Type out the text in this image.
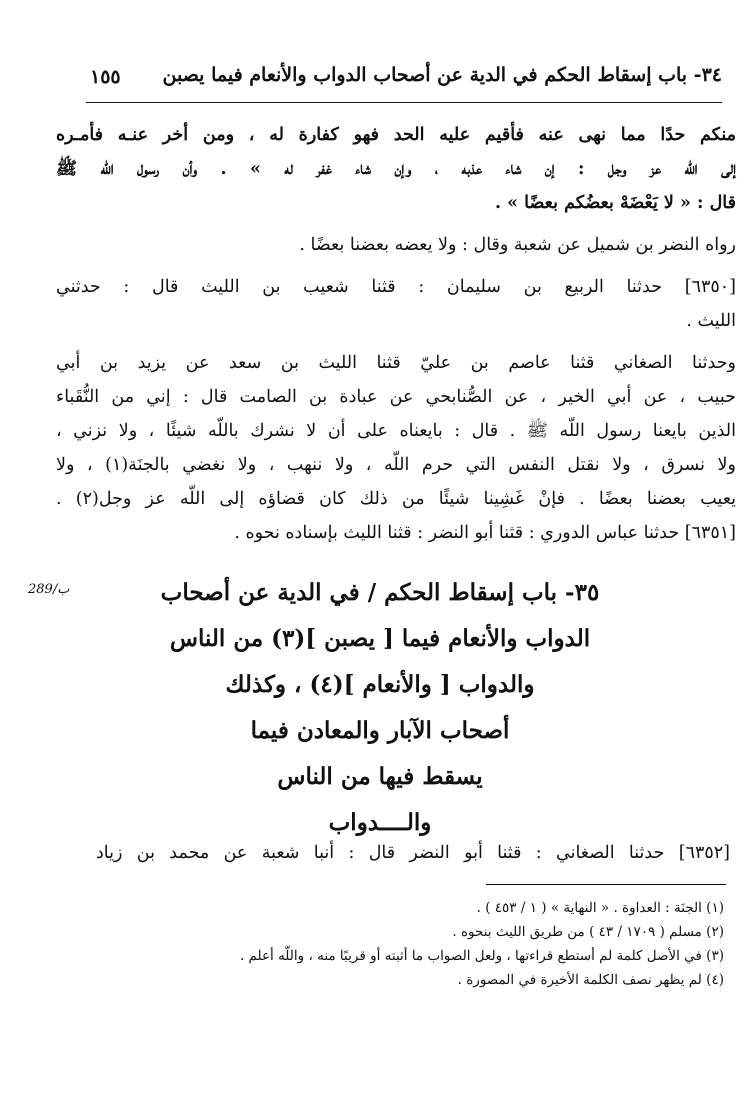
٣٤- باب إسقاط الحكم في الدية عن أصحاب الدواب والأنعام فيما يصبن
١٥٥
منكم حدًا مما نهى عنه فأقيم عليه الحد فهو كفارة له ، ومن أخر عنـه فأمـره
إلى اللّه عز وجل : إن شاء عذبه ، وإن شاء غفر له » . وأن رسول اللّه ﷺ
قال : « لا يَعْضَهْ بعضُكم بعضًا » .
رواه النضر بن شميل عن شعبة وقال : ولا يعضه بعضنا بعضًا .
[٦٣٥٠] حدثنا الربيع بن سليمان : قثنا شعيب بن الليث قال : حدثني
الليث .
وحدثنا الصغاني قثنا عاصم بن عليّ قثنا الليث بن سعد عن يزيد بن أبي
حبيب ، عن أبي الخير ، عن الصُّنابحي عن عبادة بن الصامت قال : إني من النُّقَباء
الذين بايعنا رسول اللّه ﷺ . قال : بايعناه على أن لا نشرك باللّه شيئًا ، ولا نزني ،
ولا نسرق ، ولا نقتل النفس التي حرم اللّه ، ولا ننهب ، ولا نغضي بالجنَة(١) ، ولا
يعيب بعضنا بعضًا . فإنْ غَشِينا شيئًا من ذلك كان قضاؤه إلى اللّه عز وجل(٢) .
[٦٣٥١] حدثنا عباس الدوري : قثنا أبو النضر : قثنا الليث بإسناده نحوه .
289/ب	٣٥- باب إسقاط الحكم / في الدية عن أصحاب
الدواب والأنعام فيما [ يصبن ](٣) من الناس
والدواب [ والأنعام ](٤) ، وكذلك
أصحاب الآبار والمعادن فيما
يسقط فيها من الناس
والــــدواب
[٦٣٥٢] حدثنا الصغاني : قثنا أبو النضر قال : أنبا شعبة عن محمد بن زياد
(١) الجنَة : العداوة . « النهاية » ( ١ / ٤٥٣ ) .
(٢) مسلم ( ١٧٠٩ / ٤٣ ) من طريق الليث بنحوه .
(٣) في الأصل كلمة لم أستطع قراءتها ، ولعل الصواب ما أثبته أو قريبًا منه ، واللّه أعلم .
(٤) لم يظهر نصف الكلمة الأخيرة في المصورة .
